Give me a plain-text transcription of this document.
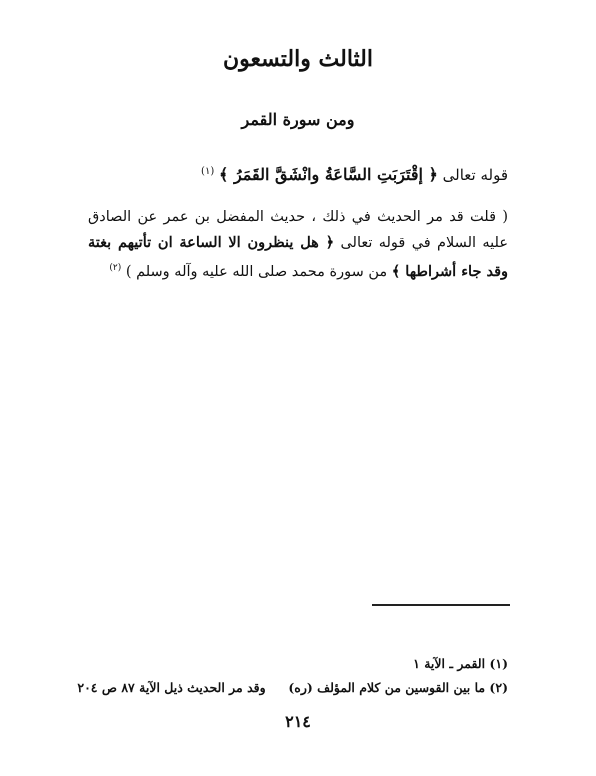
الثالث والتسعون
ومن سورة القمر
قوله تعالى ﴿ إقْتَرَبَتِ السَّاعَةُ وانْشَقَّ القَمَرُ ﴾ $^{(١)}$
( قلت قد مر الحديث في ذلك ، حديث المفضل بن عمر عن الصادق عليه السلام في قوله تعالى ﴿ هل ينظرون الا الساعة ان تأتيهم بغتة وقد جاء أشراطها ﴾ من سورة محمد صلى الله عليه وآله وسلم ) $^{(٢)}$
(١) القمر ـ الآية ١
(٢) ما بين القوسين من كلام المؤلف (ره)  وقد مر الحديث ذيل الآية ٨٧ ص ٢٠٤
٢١٤
